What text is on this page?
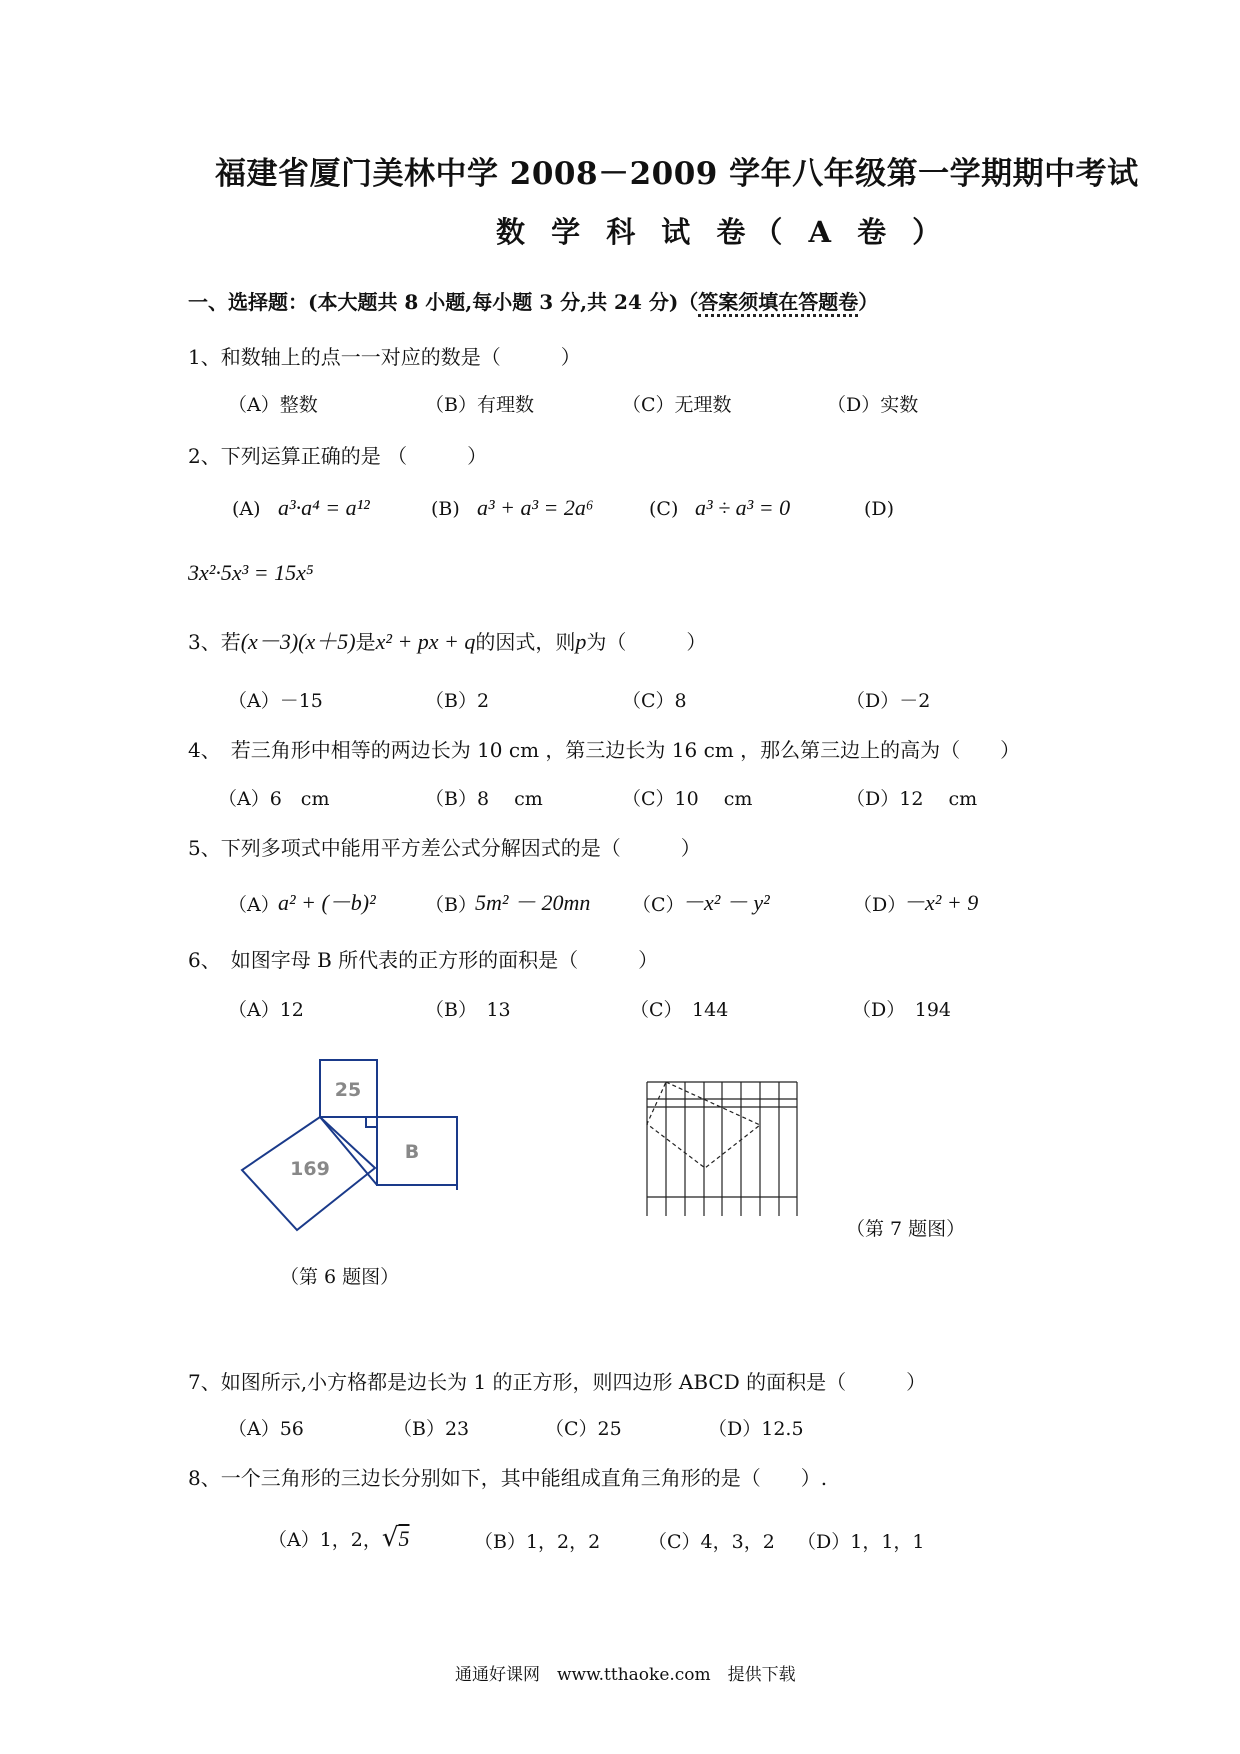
福建省厦门美林中学 2008－2009 学年八年级第一学期期中考试
数 学 科 试 卷（ A 卷 ）
一、选择题：(本大题共 8 小题,每小题 3 分,共 24 分)（答案须填在答题卷）
1、和数轴上的点一一对应的数是（　　　）
（A）整数	（B）有理数	（C）无理数	（D）实数
2、下列运算正确的是 （　　　）
(A) a³·a⁴ = a¹²	(B) a³ + a³ = 2a⁶	(C) a³ ÷ a³ = 0	(D)
3x²·5x³ = 15x⁵
3、若(x－3)(x＋5)是x² + px + q的因式，则p为（　　　）
（A）－15	（B）2	（C）8	（D）－2
4、　若三角形中相等的两边长为 10 cm ，第三边长为 16 cm ，那么第三边上的高为（　　）
（A）6　cm	（B）8　 cm	（C）10　 cm	（D）12　 cm
5、下列多项式中能用平方差公式分解因式的是（　　　）
（A）
a² + (－b)²	（B）
5m² － 20mn （C）
－x² － y²	（D）
－x² + 9
6、　如图字母 B 所代表的正方形的面积是（　　　）
（A）12	（B）　13	（C）　144	（D）　194
25
169
B
（第 6 题图）
（第 7 题图）
7、如图所示,小方格都是边长为 1 的正方形，则四边形 ABCD 的面积是（　　　）
（A）56	（B）23	（C）25	（D）12.5
8、一个三角形的三边长分别如下，其中能组成直角三角形的是（　　）.
（A）1，2，√5	（B）1，2，2	（C）4，3，2 （D）1，1，1
通通好课网　www.tthaoke.com　提供下载
